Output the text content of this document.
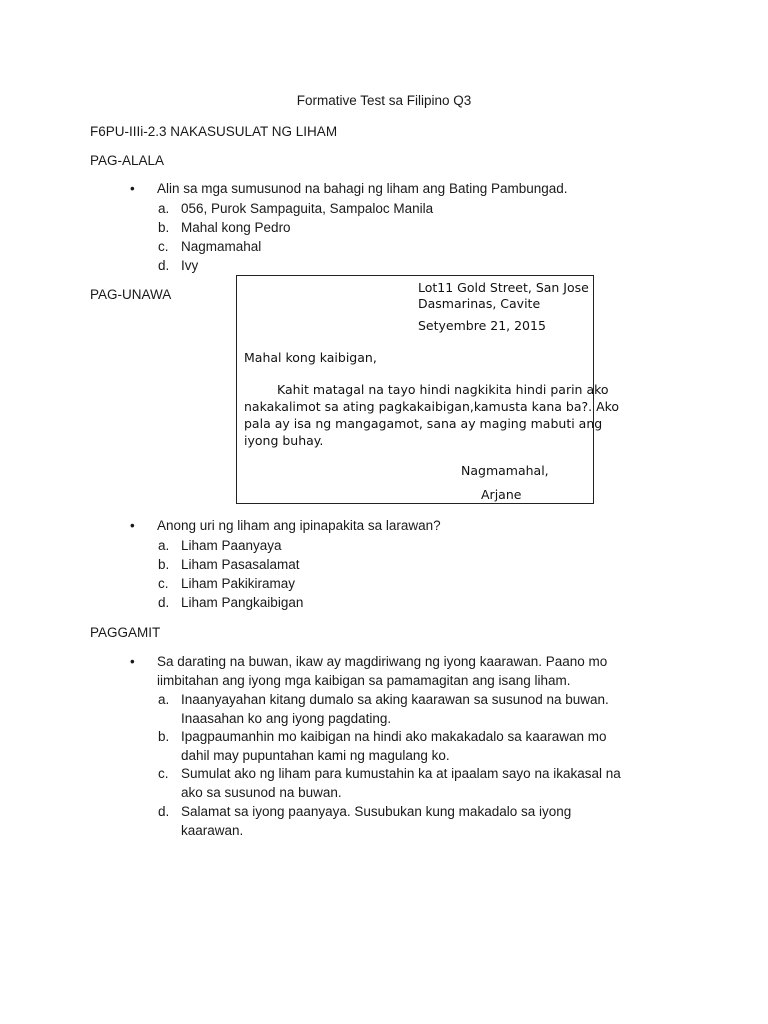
Formative Test sa Filipino Q3
F6PU-IIIi-2.3 NAKASUSULAT NG LIHAM
PAG-ALALA
• Alin sa mga sumusunod na bahagi ng liham ang Bating Pambungad.
a. 056, Purok Sampaguita, Sampaloc Manila
b. Mahal kong Pedro
c. Nagmamahal
d. Ivy
PAG-UNAWA	Lot11 Gold Street, San Jose
Dasmarinas, Cavite
Setyembre 21, 2015
Mahal kong kaibigan,
Kahit matagal na tayo hindi nagkikita hindi parin ako
nakakalimot sa ating pagkakaibigan,kamusta kana ba?. Ako
pala ay isa ng mangagamot, sana ay maging mabuti ang
iyong buhay.
Nagmamahal,
Arjane
• Anong uri ng liham ang ipinapakita sa larawan?
a. Liham Paanyaya
b. Liham Pasasalamat
c. Liham Pakikiramay
d. Liham Pangkaibigan
PAGGAMIT
• Sa darating na buwan, ikaw ay magdiriwang ng iyong kaarawan. Paano mo
iimbitahan ang iyong mga kaibigan sa pamamagitan ang isang liham.
a. Inaanyayahan kitang dumalo sa aking kaarawan sa susunod na buwan.
Inaasahan ko ang iyong pagdating.
b. Ipagpaumanhin mo kaibigan na hindi ako makakadalo sa kaarawan mo
dahil may pupuntahan kami ng magulang ko.
c. Sumulat ako ng liham para kumustahin ka at ipaalam sayo na ikakasal na
ako sa susunod na buwan.
d. Salamat sa iyong paanyaya. Susubukan kung makadalo sa iyong
kaarawan.
